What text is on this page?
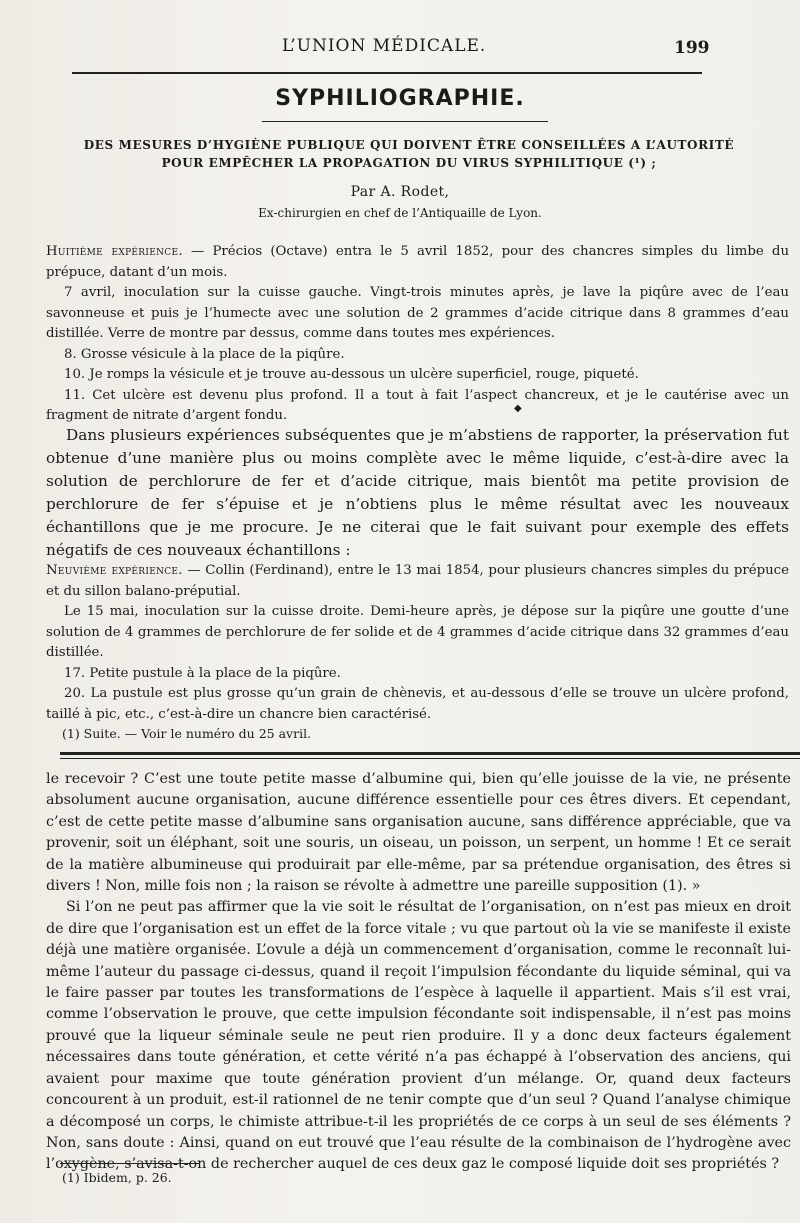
L’UNION MÉDICALE.	199
SYPHILIOGRAPHIE.
DES MESURES D’HYGIÈNE PUBLIQUE QUI DOIVENT ÊTRE CONSEILLÉES A L’AUTORITÉ
POUR EMPÊCHER LA PROPAGATION DU VIRUS SYPHILITIQUE (¹) ;
Par A. Rodet,
Ex-chirurgien en chef de l’Antiquaille de Lyon.

Huitième expérience. — Précios (Octave) entra le 5 avril 1852, pour des chancres simples du limbe du prépuce, datant d’un mois.

7 avril, inoculation sur la cuisse gauche. Vingt-trois minutes après, je lave la piqûre avec de l’eau savonneuse et puis je l’humecte avec une solution de 2 grammes d’acide citrique dans 8 grammes d’eau distillée. Verre de montre par dessus, comme dans toutes mes expériences.

8. Grosse vésicule à la place de la piqûre.

10. Je romps la vésicule et je trouve au-dessous un ulcère superficiel, rouge, piqueté.

11. Cet ulcère est devenu plus profond. Il a tout à fait l’aspect chancreux, et je le cautérise avec un fragment de nitrate d’argent fondu.	◆

Dans plusieurs expériences subséquentes que je m’abstiens de rapporter, la préservation fut obtenue d’une manière plus ou moins complète avec le même liquide, c’est-à-dire avec la solution de perchlorure de fer et d’acide citrique, mais bientôt ma petite provision de perchlorure de fer s’épuise et je n’obtiens plus le même résultat avec les nouveaux échantillons que je me procure. Je ne citerai que le fait suivant pour exemple des effets négatifs de ces nouveaux échantillons :

Neuvième expérience. — Collin (Ferdinand), entre le 13 mai 1854, pour plusieurs chancres simples du prépuce et du sillon balano-préputial.

Le 15 mai, inoculation sur la cuisse droite. Demi-heure après, je dépose sur la piqûre une goutte d’une solution de 4 grammes de perchlorure de fer solide et de 4 grammes d’acide citrique dans 32 grammes d’eau distillée.

17. Petite pustule à la place de la piqûre.

20. La pustule est plus grosse qu’un grain de chènevis, et au-dessous d’elle se trouve un ulcère profond, taillé à pic, etc., c’est-à-dire un chancre bien caractérisé.

(1) Suite. — Voir le numéro du 25 avril.

le recevoir ? C’est une toute petite masse d’albumine qui, bien qu’elle jouisse de la vie, ne présente absolument aucune organisation, aucune différence essentielle pour ces êtres divers. Et cependant, c’est de cette petite masse d’albumine sans organisation aucune, sans différence appréciable, que va provenir, soit un éléphant, soit une souris, un oiseau, un poisson, un serpent, un homme ! Et ce serait de la matière albumineuse qui produirait par elle-même, par sa prétendue organisation, des êtres si divers ! Non, mille fois non ; la raison se révolte à admettre une pareille supposition (1). »

Si l’on ne peut pas affirmer que la vie soit le résultat de l’organisation, on n’est pas mieux en droit de dire que l’organisation est un effet de la force vitale ; vu que partout où la vie se manifeste il existe déjà une matière organisée. L’ovule a déjà un commencement d’organisation, comme le reconnaît lui-même l’auteur du passage ci-dessus, quand il reçoit l’impulsion fécondante du liquide séminal, qui va le faire passer par toutes les transformations de l’espèce à laquelle il appartient. Mais s’il est vrai, comme l’observation le prouve, que cette impulsion fécondante soit indispensable, il n’est pas moins prouvé que la liqueur séminale seule ne peut rien produire. Il y a donc deux facteurs également nécessaires dans toute génération, et cette vérité n’a pas échappé à l’observation des anciens, qui avaient pour maxime que toute génération provient d’un mélange. Or, quand deux facteurs concourent à un produit, est-il rationnel de ne tenir compte que d’un seul ? Quand l’analyse chimique a décomposé un corps, le chimiste attribue-t-il les propriétés de ce corps à un seul de ses éléments ? Non, sans doute : Ainsi, quand on eut trouvé que l’eau résulte de la combinaison de l’hydrogène avec l’oxygène, s’avisa-t-on de rechercher auquel de ces deux gaz le composé liquide doit ses propriétés ?

(1) Ibidem, p. 26.
